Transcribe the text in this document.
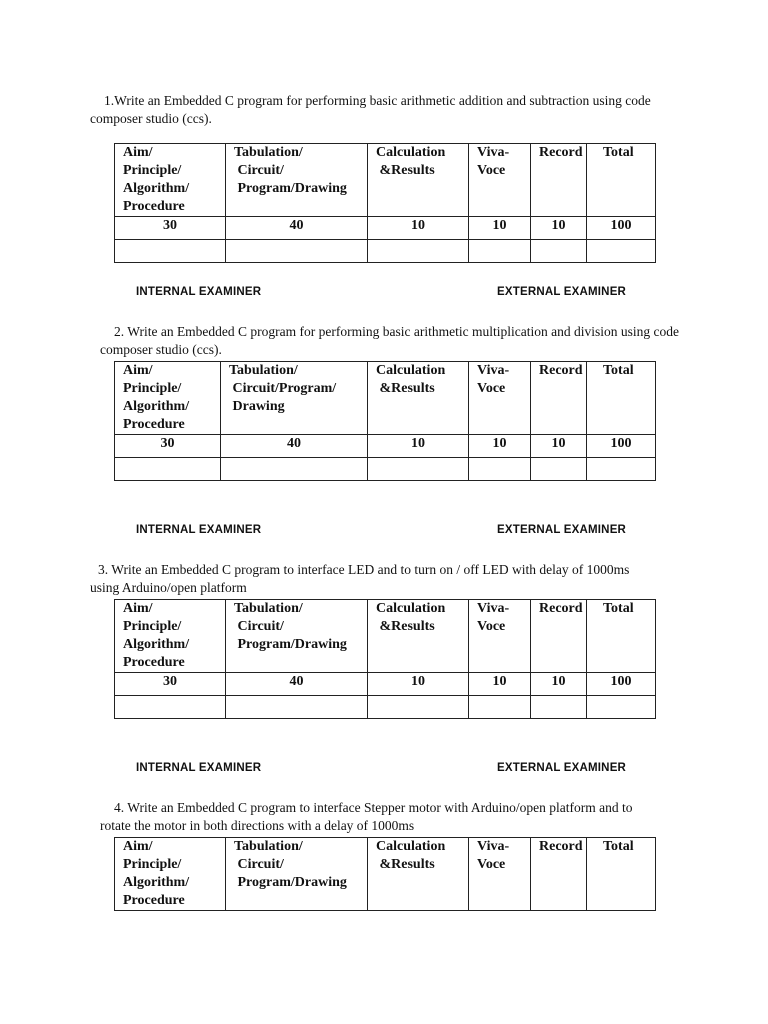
1.Write an Embedded C program for performing basic arithmetic addition and subtraction using code composer studio (ccs).

Aim/
Principle/
Algorithm/
Procedure	Tabulation/
Circuit/
Program/Drawing	Calculation
&Results	Viva-
Voce	Record	Total

30	40	10	10	10	100

INTERNAL EXAMINER	EXTERNAL EXAMINER

2. Write an Embedded C program for performing basic arithmetic multiplication and division using code composer studio (ccs).

Aim/
Principle/
Algorithm/
Procedure	Tabulation/
Circuit/Program/
Drawing	Calculation
&Results	Viva-
Voce	Record	Total

30	40	10	10	10	100

INTERNAL EXAMINER	EXTERNAL EXAMINER

3. Write an Embedded C program to interface LED and to turn on / off LED with delay of 1000ms using Arduino/open platform

Aim/
Principle/
Algorithm/
Procedure	Tabulation/
Circuit/
Program/Drawing	Calculation
&Results	Viva-
Voce	Record	Total

30	40	10	10	10	100

INTERNAL EXAMINER	EXTERNAL EXAMINER

4. Write an Embedded C program to interface Stepper motor with Arduino/open platform and to rotate the motor in both directions with a delay of 1000ms

Aim/
Principle/
Algorithm/
Procedure

Tabulation/
Circuit/
Program/Drawing

Calculation
&Results

Viva-
Voce

Record	Total
